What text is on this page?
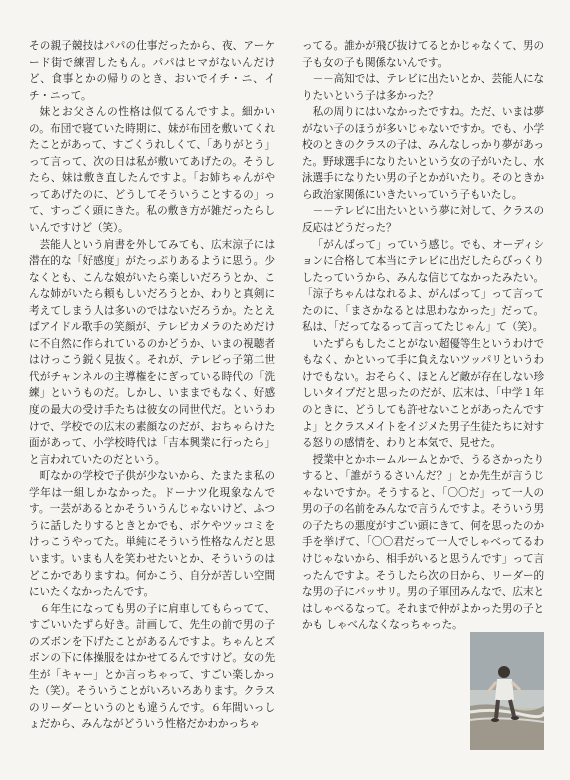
その親子競技はパパの仕事だったから、夜、アーケード街で練習したもん。パパはヒマがないんだけど、食事とかの帰りのとき、おいでイチ・ニ、イチ・ニって。

妹とお父さんの性格は似てるんですよ。細かいの。布団で寝ていた時期に、妹が布団を敷いてくれたことがあって、すごくうれしくて、「ありがとう」って言って、次の日は私が敷いてあげたの。そうしたら、妹は敷き直したんですよ。「お姉ちゃんがやってあげたのに、どうしてそういうことするの」って、すっごく頭にきた。私の敷き方が雑だったらしいんですけど（笑）。

芸能人という肩書を外してみても、広末涼子には潜在的な「好感度」がたっぷりあるように思う。少なくとも、こんな娘がいたら楽しいだろうとか、こんな姉がいたら頼もしいだろうとか、わりと真剣に考えてしまう人は多いのではないだろうか。たとえばアイドル歌手の笑顔が、テレビカメラのためだけに不自然に作られているのかどうか、いまの視聴者はけっこう鋭く見抜く。それが、テレビっ子第二世代がチャンネルの主導権をにぎっている時代の「洗練」というものだ。しかし、いままでもなく、好感度の最大の受け手たちは彼女の同世代だ。というわけで、学校での広末の素顔なのだが、おちゃらけた面があって、小学校時代は「吉本興業に行ったら」と言われていたのだという。

町なかの学校で子供が少ないから、たまたま私の学年は一組しかなかった。ドーナツ化現象なんです。一芸があるとかそういうんじゃないけど、ふつうに話したりするときとかでも、ボケやツッコミをけっこうやってた。単純にそういう性格なんだと思います。いまも人を笑わせたいとか、そういうのはどこかでありますね。何かこう、自分が苦しい空間にいたくなかったんです。

６年生になっても男の子に肩車してもらってて、すごいいたずら好き。計画して、先生の前で男の子のズボンを下げたことがあるんですよ。ちゃんとズボンの下に体操服をはかせてるんですけど。女の先生が「キャー」とか言っちゃって、すごい楽しかった（笑）。そういうことがいろいろあります。クラスのリーダーというのとも違うんです。６年間いっしょだから、みんながどういう性格だかわかっちゃ

ってる。誰かが飛び抜けてるとかじゃなくて、男の子も女の子も関係ないんです。

－－高知では、テレビに出たいとか、芸能人になりたいという子は多かった？

私の周りにはいなかったですね。ただ、いまは夢がない子のほうが多いじゃないですか。でも、小学校のときのクラスの子は、みんなしっかり夢があった。野球選手になりたいという女の子がいたし、水泳選手になりたい男の子とかがいたり。そのときから政治家関係にいきたいっていう子もいたし。

－－テレビに出たいという夢に対して、クラスの反応はどうだった？

「がんばって」っていう感じ。でも、オーディションに合格して本当にテレビに出だしたらびっくりしたっていうから、みんな信じてなかったみたい。「涼子ちゃんはなれるよ、がんばって」って言ってたのに、「まさかなるとは思わなかった」だって。私は、「だってなるって言ってたじゃん」て（笑）。

いたずらもしたことがない超優等生というわけでもなく、かといって手に負えないツッパリというわけでもない。おそらく、ほとんど敵が存在しない珍しいタイプだと思ったのだが、広末は、「中学１年のときに、どうしても許せないことがあったんですよ」とクラスメイトをイジメた男子生徒たちに対する怒りの感情を、わりと本気で、見せた。

授業中とかホームルームとかで、うるさかったりすると、「誰がうるさいんだ？」とか先生が言うじゃないですか。そうすると、「〇〇だ」って一人の男の子の名前をみんなで言うんですよ。そういう男の子たちの悪度がすごい頭にきて、何を思ったのか手を挙げて、「〇〇君だって一人でしゃべってるわけじゃないから、相手がいると思うんです」って言ったんですよ。そうしたら次の日から、リーダー的な男の子にバッサリ。男の子軍団みんなで、広末とはしゃべるなって。それまで仲がよかった男の子とかも しゃべんなくなっちゃった。
